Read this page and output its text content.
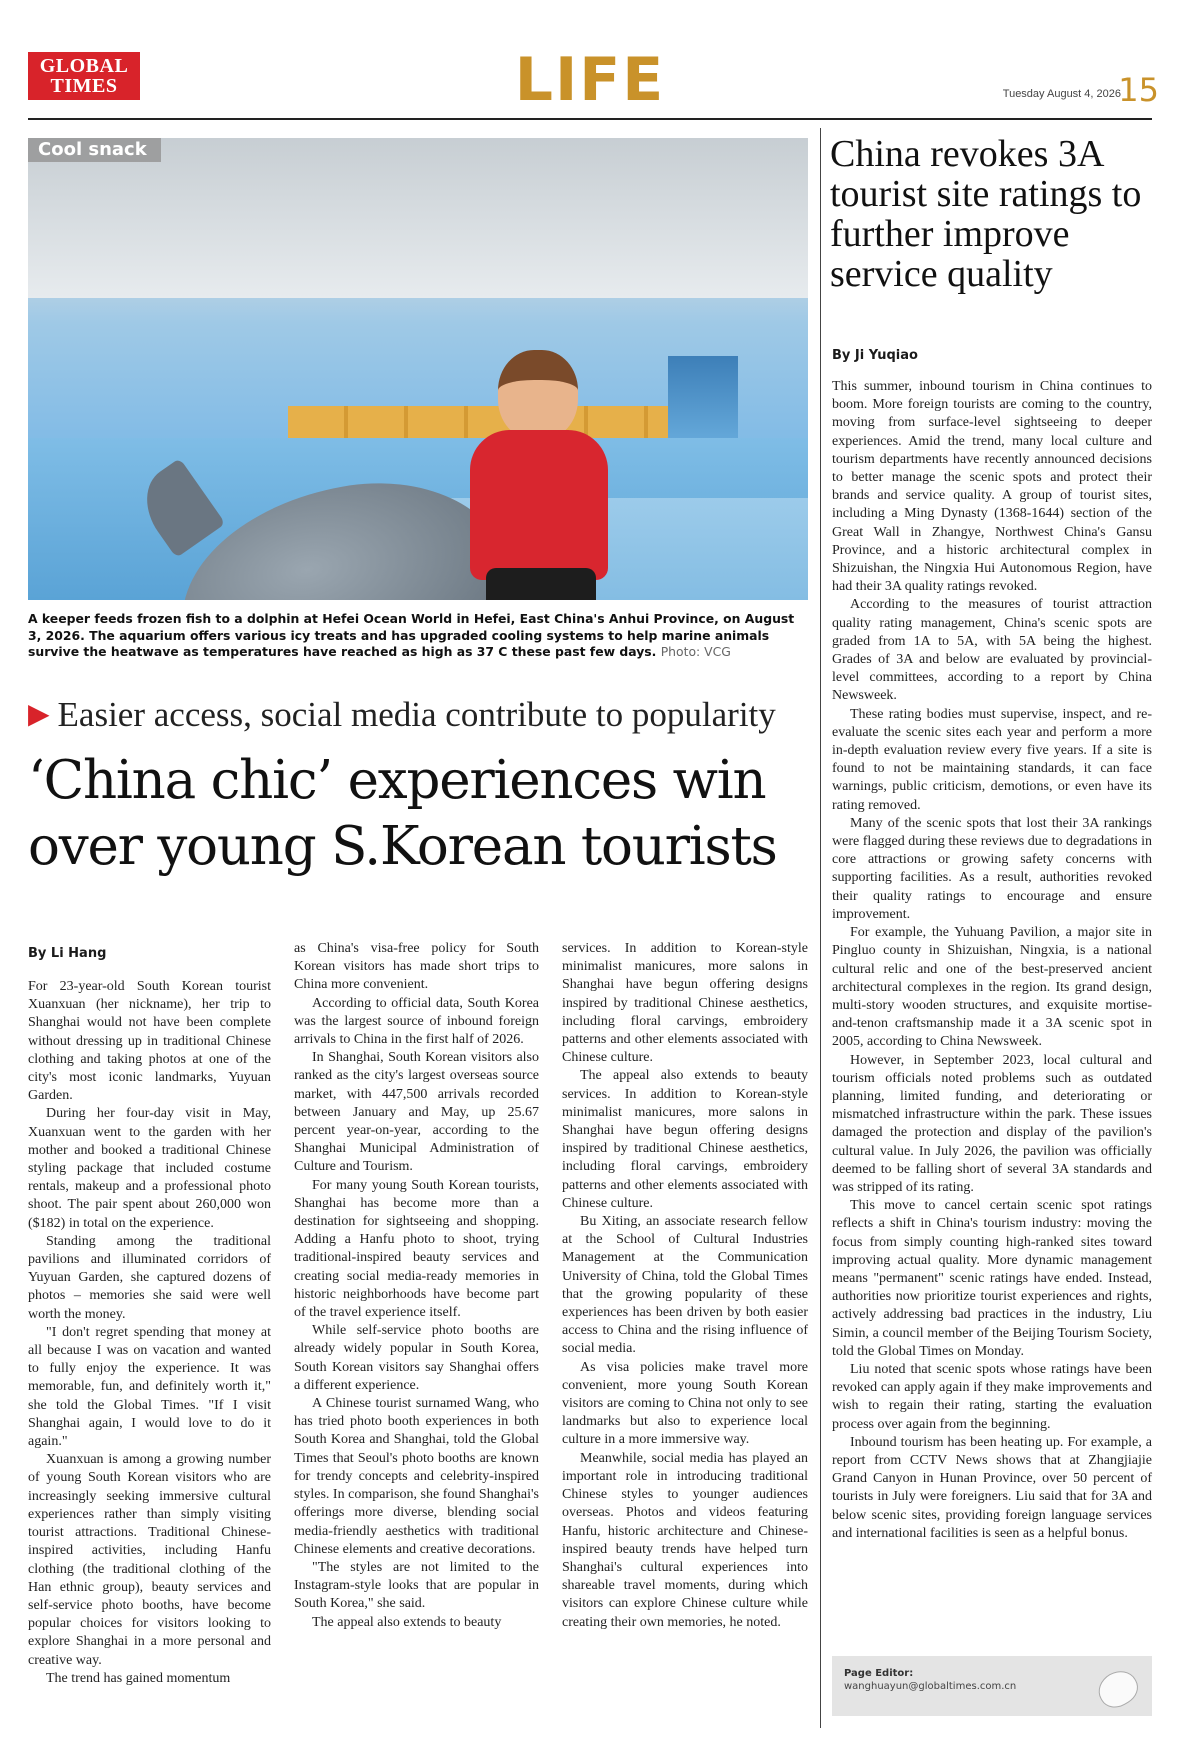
GLOBAL
TIMES	LIFE	Tuesday August 4, 2026
15
Cool snack
A keeper feeds frozen fish to a dolphin at Hefei Ocean World in Hefei, East China's Anhui Province, on August 3, 2026. The aquarium offers various icy treats and has upgraded cooling systems to help marine animals survive the heatwave as temperatures have reached as high as 37 C these past few days. Photo: VCG
▶ Easier access, social media contribute to popularity
‘China chic’ experiences win over young S.Korean tourists
By Li Hang

For 23-year-old South Korean tourist Xuanxuan (her nickname), her trip to Shanghai would not have been complete without dressing up in traditional Chinese clothing and taking photos at one of the city's most iconic landmarks, Yuyuan Garden.

During her four-day visit in May, Xuanxuan went to the garden with her mother and booked a traditional Chinese styling package that included costume rentals, makeup and a professional photo shoot. The pair spent about 260,000 won ($182) in total on the experience.

Standing among the traditional pavilions and illuminated corridors of Yuyuan Garden, she captured dozens of photos – memories she said were well worth the money.

"I don't regret spending that money at all because I was on vacation and wanted to fully enjoy the experience. It was memorable, fun, and definitely worth it," she told the Global Times. "If I visit Shanghai again, I would love to do it again."

Xuanxuan is among a growing number of young South Korean visitors who are increasingly seeking immersive cultural experiences rather than simply visiting tourist attractions. Traditional Chinese-inspired activities, including Hanfu clothing (the traditional clothing of the Han ethnic group), beauty services and self-service photo booths, have become popular choices for visitors looking to explore Shanghai in a more personal and creative way.

The trend has gained momentum

as China's visa-free policy for South Korean visitors has made short trips to China more convenient.

According to official data, South Korea was the largest source of inbound foreign arrivals to China in the first half of 2026.

In Shanghai, South Korean visitors also ranked as the city's largest overseas source market, with 447,500 arrivals recorded between January and May, up 25.67 percent year-on-year, according to the Shanghai Municipal Administration of Culture and Tourism.

For many young South Korean tourists, Shanghai has become more than a destination for sightseeing and shopping. Adding a Hanfu photo to shoot, trying traditional-inspired beauty services and creating social media-ready memories in historic neighborhoods have become part of the travel experience itself.

While self-service photo booths are already widely popular in South Korea, South Korean visitors say Shanghai offers a different experience.

A Chinese tourist surnamed Wang, who has tried photo booth experiences in both South Korea and Shanghai, told the Global Times that Seoul's photo booths are known for trendy concepts and celebrity-inspired styles. In comparison, she found Shanghai's offerings more diverse, blending social media-friendly aesthetics with traditional Chinese elements and creative decorations.

"The styles are not limited to the Instagram-style looks that are popular in South Korea," she said.

The appeal also extends to beauty

services. In addition to Korean-style minimalist manicures, more salons in Shanghai have begun offering designs inspired by traditional Chinese aesthetics, including floral carvings, embroidery patterns and other elements associated with Chinese culture.

The appeal also extends to beauty services. In addition to Korean-style minimalist manicures, more salons in Shanghai have begun offering designs inspired by traditional Chinese aesthetics, including floral carvings, embroidery patterns and other elements associated with Chinese culture.

Bu Xiting, an associate research fellow at the School of Cultural Industries Management at the Communication University of China, told the Global Times that the growing popularity of these experiences has been driven by both easier access to China and the rising influence of social media.

As visa policies make travel more convenient, more young South Korean visitors are coming to China not only to see landmarks but also to experience local culture in a more immersive way.

Meanwhile, social media has played an important role in introducing traditional Chinese styles to younger audiences overseas. Photos and videos featuring Hanfu, historic architecture and Chinese-inspired beauty trends have helped turn Shanghai's cultural experiences into shareable travel moments, during which visitors can explore Chinese culture while creating their own memories, he noted.

China revokes 3A tourist site ratings to further improve service quality
By Ji Yuqiao

This summer, inbound tourism in China continues to boom. More foreign tourists are coming to the country, moving from surface-level sightseeing to deeper experiences. Amid the trend, many local culture and tourism departments have recently announced decisions to better manage the scenic spots and protect their brands and service quality. A group of tourist sites, including a Ming Dynasty (1368-1644) section of the Great Wall in Zhangye, Northwest China's Gansu Province, and a historic architectural complex in Shizuishan, the Ningxia Hui Autonomous Region, have had their 3A quality ratings revoked.

According to the measures of tourist attraction quality rating management, China's scenic spots are graded from 1A to 5A, with 5A being the highest. Grades of 3A and below are evaluated by provincial-level committees, according to a report by China Newsweek.

These rating bodies must supervise, inspect, and re-evaluate the scenic sites each year and perform a more in-depth evaluation review every five years. If a site is found to not be maintaining standards, it can face warnings, public criticism, demotions, or even have its rating removed.

Many of the scenic spots that lost their 3A rankings were flagged during these reviews due to degradations in core attractions or growing safety concerns with supporting facilities. As a result, authorities revoked their quality ratings to encourage and ensure improvement.

For example, the Yuhuang Pavilion, a major site in Pingluo county in Shizuishan, Ningxia, is a national cultural relic and one of the best-preserved ancient architectural complexes in the region. Its grand design, multi-story wooden structures, and exquisite mortise-and-tenon craftsmanship made it a 3A scenic spot in 2005, according to China Newsweek.

However, in September 2023, local cultural and tourism officials noted problems such as outdated planning, limited funding, and deteriorating or mismatched infrastructure within the park. These issues damaged the protection and display of the pavilion's cultural value. In July 2026, the pavilion was officially deemed to be falling short of several 3A standards and was stripped of its rating.

This move to cancel certain scenic spot ratings reflects a shift in China's tourism industry: moving the focus from simply counting high-ranked sites toward improving actual quality. More dynamic management means "permanent" scenic ratings have ended. Instead, authorities now prioritize tourist experiences and rights, actively addressing bad practices in the industry, Liu Simin, a council member of the Beijing Tourism Society, told the Global Times on Monday.

Liu noted that scenic spots whose ratings have been revoked can apply again if they make improvements and wish to regain their rating, starting the evaluation process over again from the beginning.

Inbound tourism has been heating up. For example, a report from CCTV News shows that at Zhangjiajie Grand Canyon in Hunan Province, over 50 percent of tourists in July were foreigners. Liu said that for 3A and below scenic sites, providing foreign language services and international facilities is seen as a helpful bonus.

Page Editor:
wanghuayun@globaltimes.com.cn
